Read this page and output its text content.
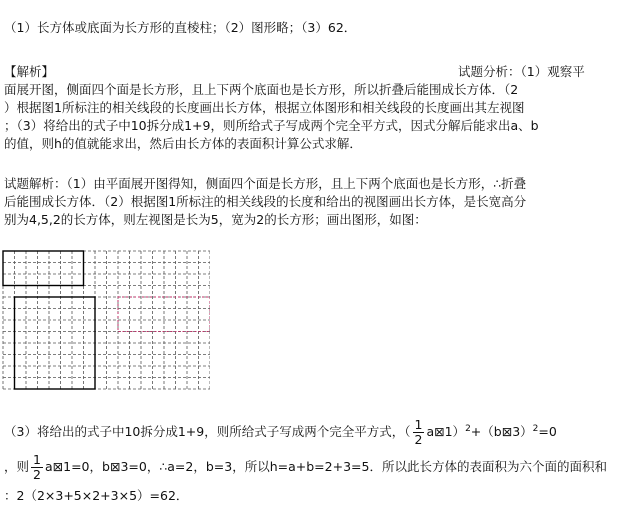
（1）长方体或底面为长方形的直棱柱；（2）图形略；（3）62．
【解析】	试题分析：（1）观察平
面展开图，侧面四个面是长方形，且上下两个底面也是长方形，所以折叠后能围成长方体．（2
）根据图1所标注的相关线段的长度画出长方体，根据立体图形和相关线段的长度画出其左视图
；（3）将给出的式子中10拆分成1+9，则所给式子写成两个完全平方式，因式分解后能求出a、b
的值，则h的值就能求出，然后由长方体的表面积计算公式求解．
试题解析：（1）由平面展开图得知，侧面四个面是长方形，且上下两个底面也是长方形，∴折叠
后能围成长方体．（2）根据图1所标注的相关线段的长度和给出的视图画出长方体，是长宽高分
别为4,5,2的长方体，则左视图是长为5，宽为2的长方形；画出图形，如图：
（3）将给出的式子中10拆分成1+9，则所给式子写成两个完全平方式，（ $\frac{1}{2}$ a⊠1）$^2$+（b⊠3）$^2$=0
，则 $\frac{1}{2}$ a⊠1=0，b⊠3=0，∴a=2，b=3，所以h=a+b=2+3=5．所以此长方体的表面积为六个面的面积和
：2（2×3+5×2+3×5）=62．
